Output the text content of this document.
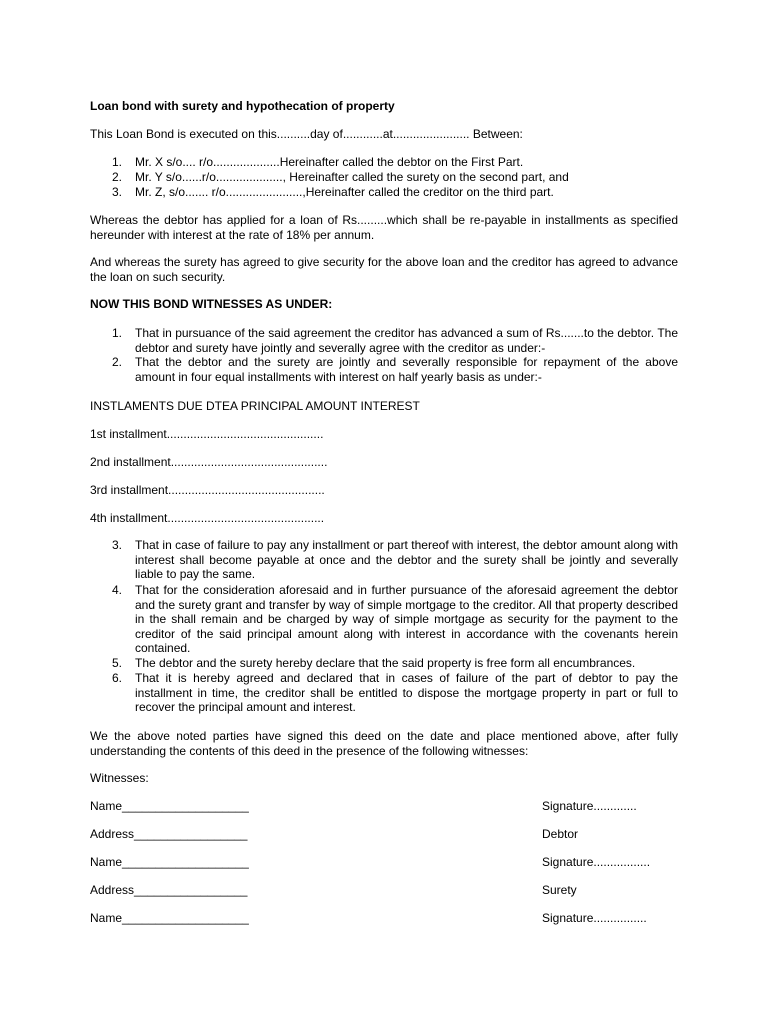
Loan bond with surety and hypothecation of property
This Loan Bond is executed on this..........day of............at....................... Between:
1. Mr. X s/o.... r/o....................Hereinafter called the debtor on the First Part.
2. Mr. Y s/o......r/o...................., Hereinafter called the surety on the second part, and
3. Mr. Z, s/o....... r/o.......................,Hereinafter called the creditor on the third part.
Whereas the debtor has applied for a loan of Rs.........which shall be re-payable in installments as specified hereunder with interest at the rate of 18% per annum.
And whereas the surety has agreed to give security for the above loan and the creditor has agreed to advance the loan on such security.
NOW THIS BOND WITNESSES AS UNDER:
1. That in pursuance of the said agreement the creditor has advanced a sum of Rs.......to the debtor. The debtor and surety have jointly and severally agree with the creditor as under:-
2. That the debtor and the surety are jointly and severally responsible for repayment of the above amount in four equal installments with interest on half yearly basis as under:-
INSTLAMENTS DUE DTEA PRINCIPAL AMOUNT INTEREST
1st installment...............................................
2nd installment...............................................
3rd installment...............................................
4th installment...............................................
3. That in case of failure to pay any installment or part thereof with interest, the debtor amount along with interest shall become payable at once and the debtor and the surety shall be jointly and severally liable to pay the same.
4. That for the consideration aforesaid and in further pursuance of the aforesaid agreement the debtor and the surety grant and transfer by way of simple mortgage to the creditor. All that property described in the shall remain and be charged by way of simple mortgage as security for the payment to the creditor of the said principal amount along with interest in accordance with the covenants herein contained.
5. The debtor and the surety hereby declare that the said property is free form all encumbrances.
6. That it is hereby agreed and declared that in cases of failure of the part of debtor to pay the installment in time, the creditor shall be entitled to dispose the mortgage property in part or full to recover the principal amount and interest.
We the above noted parties have signed this deed on the date and place mentioned above, after fully understanding the contents of this deed in the presence of the following witnesses:
Witnesses:
Name___________________	Signature.............
Address_________________	Debtor
Name___________________	Signature.................
Address_________________	Surety
Name___________________	Signature................
